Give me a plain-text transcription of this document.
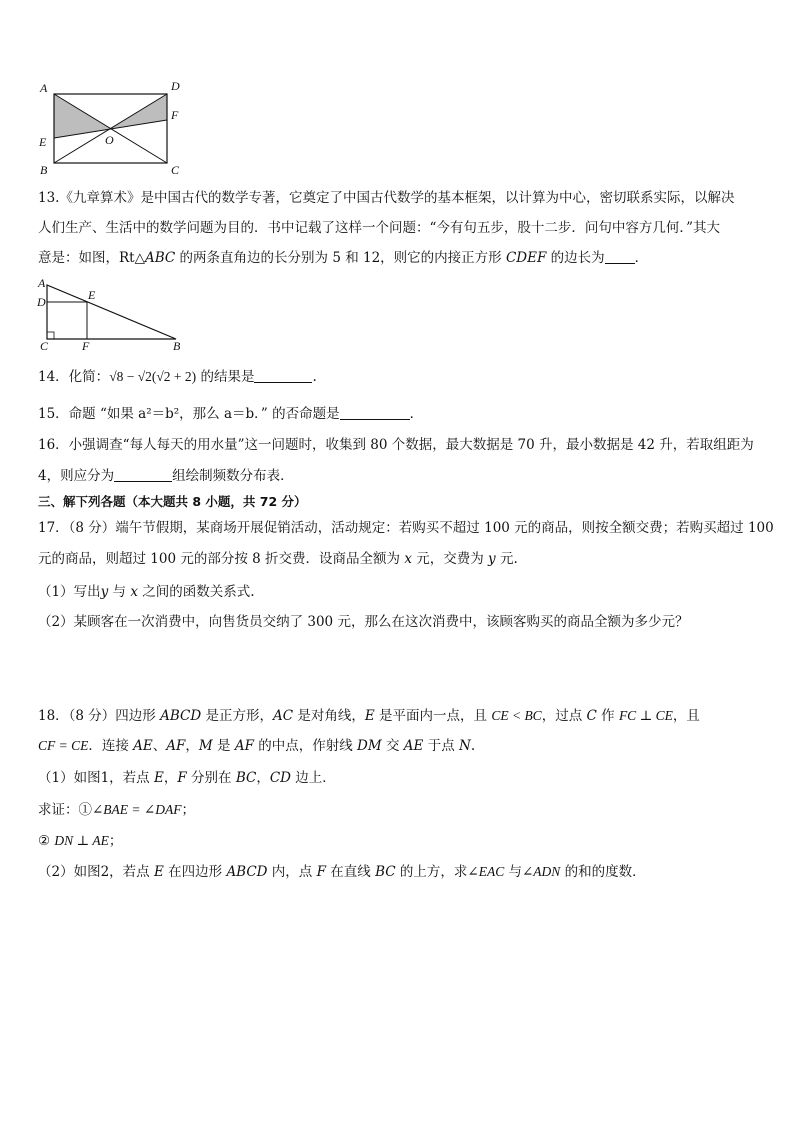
A	D
F
E	O
B	C
13.《九章算术》是中国古代的数学专著，它奠定了中国古代数学的基本框架，以计算为中心，密切联系实际，以解决
人们生产、生活中的数学问题为目的．书中记载了这样一个问题：“今有句五步，股十二步．问句中容方几何．”其大
意是：如图，Rt△ABC 的两条直角边的长分别为 5 和 12，则它的内接正方形 CDEF 的边长为 ．
A
D	E
C	F	B
14．化简：√8 − √2(√2 + 2) 的结果是	.
15．命题 “如果 a²＝b²，那么 a＝b．” 的否命题是	．
16．小强调查“每人每天的用水量”这一问题时，收集到 80 个数据，最大数据是 70 升，最小数据是 42 升，若取组距为
4，则应分为	组绘制频数分布表．
三、解下列各题（本大题共 8 小题，共 72 分）
17．（8 分）端午节假期，某商场开展促销活动，活动规定：若购买不超过 100 元的商品，则按全额交费；若购买超过 100
元的商品，则超过 100 元的部分按 8 折交费．设商品全额为 x 元，交费为 y 元.
（1）写出y 与 x 之间的函数关系式.
（2）某顾客在一次消费中，向售货员交纳了 300 元，那么在这次消费中，该顾客购买的商品全额为多少元？
18．（8 分）四边形 ABCD 是正方形，AC 是对角线，E 是平面内一点，且 CE < BC，过点 C 作 FC ⊥ CE，且
CF = CE．连接 AE、AF，M 是 AF 的中点，作射线 DM 交 AE 于点 N.
（1）如图1，若点 E，F 分别在 BC，CD 边上．
求证：①∠BAE = ∠DAF；
② DN ⊥ AE；
（2）如图2，若点 E 在四边形 ABCD 内，点 F 在直线 BC 的上方，求∠EAC 与∠ADN 的和的度数．
